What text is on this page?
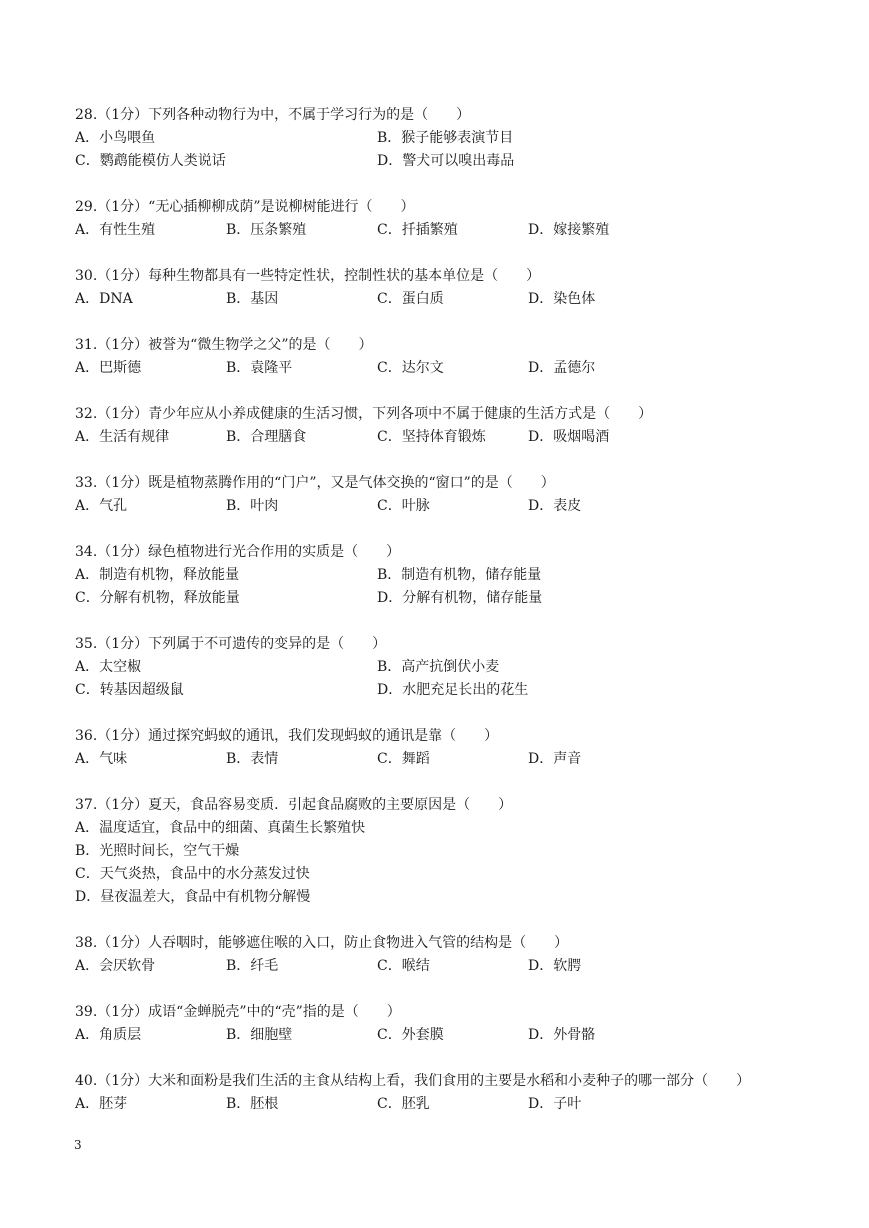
3
28.（1分）下列各种动物行为中，不属于学习行为的是（　　）
A．小鸟喂鱼	B．猴子能够表演节目
C．鹦鹉能模仿人类说话	D．警犬可以嗅出毒品
29.（1分）“无心插柳柳成荫”是说柳树能进行（　　）
A．有性生殖	B．压条繁殖	C．扦插繁殖	D．嫁接繁殖
30.（1分）每种生物都具有一些特定性状，控制性状的基本单位是（　　）
A．DNA	B．基因	C．蛋白质	D．染色体
31.（1分）被誉为“微生物学之父”的是（　　）
A．巴斯德	B．袁隆平	C．达尔文	D．孟德尔
32.（1分）青少年应从小养成健康的生活习惯，下列各项中不属于健康的生活方式是（　　）
A．生活有规律	B．合理膳食	C．坚持体育锻炼	D．吸烟喝酒
33.（1分）既是植物蒸腾作用的“门户”，又是气体交换的“窗口”的是（　　）
A．气孔	B．叶肉	C．叶脉	D．表皮
34.（1分）绿色植物进行光合作用的实质是（　　）
A．制造有机物，释放能量	B．制造有机物，储存能量
C．分解有机物，释放能量	D．分解有机物，储存能量
35.（1分）下列属于不可遗传的变异的是（　　）
A．太空椒	B．高产抗倒伏小麦
C．转基因超级鼠	D．水肥充足长出的花生
36.（1分）通过探究蚂蚁的通讯，我们发现蚂蚁的通讯是靠（　　）
A．气味	B．表情	C．舞蹈	D．声音
37.（1分）夏天，食品容易变质．引起食品腐败的主要原因是（　　）
A．温度适宜，食品中的细菌、真菌生长繁殖快
B．光照时间长，空气干燥
C．天气炎热，食品中的水分蒸发过快
D．昼夜温差大，食品中有机物分解慢
38.（1分）人吞咽时，能够遮住喉的入口，防止食物进入气管的结构是（　　）
A．会厌软骨	B．纤毛	C．喉结	D．软腭
39.（1分）成语“金蝉脱壳”中的“壳”指的是（　　）
A．角质层	B．细胞壁	C．外套膜	D．外骨骼
40.（1分）大米和面粉是我们生活的主食从结构上看，我们食用的主要是水稻和小麦种子的哪一部分（　　）
A．胚芽	B．胚根	C．胚乳	D．子叶
